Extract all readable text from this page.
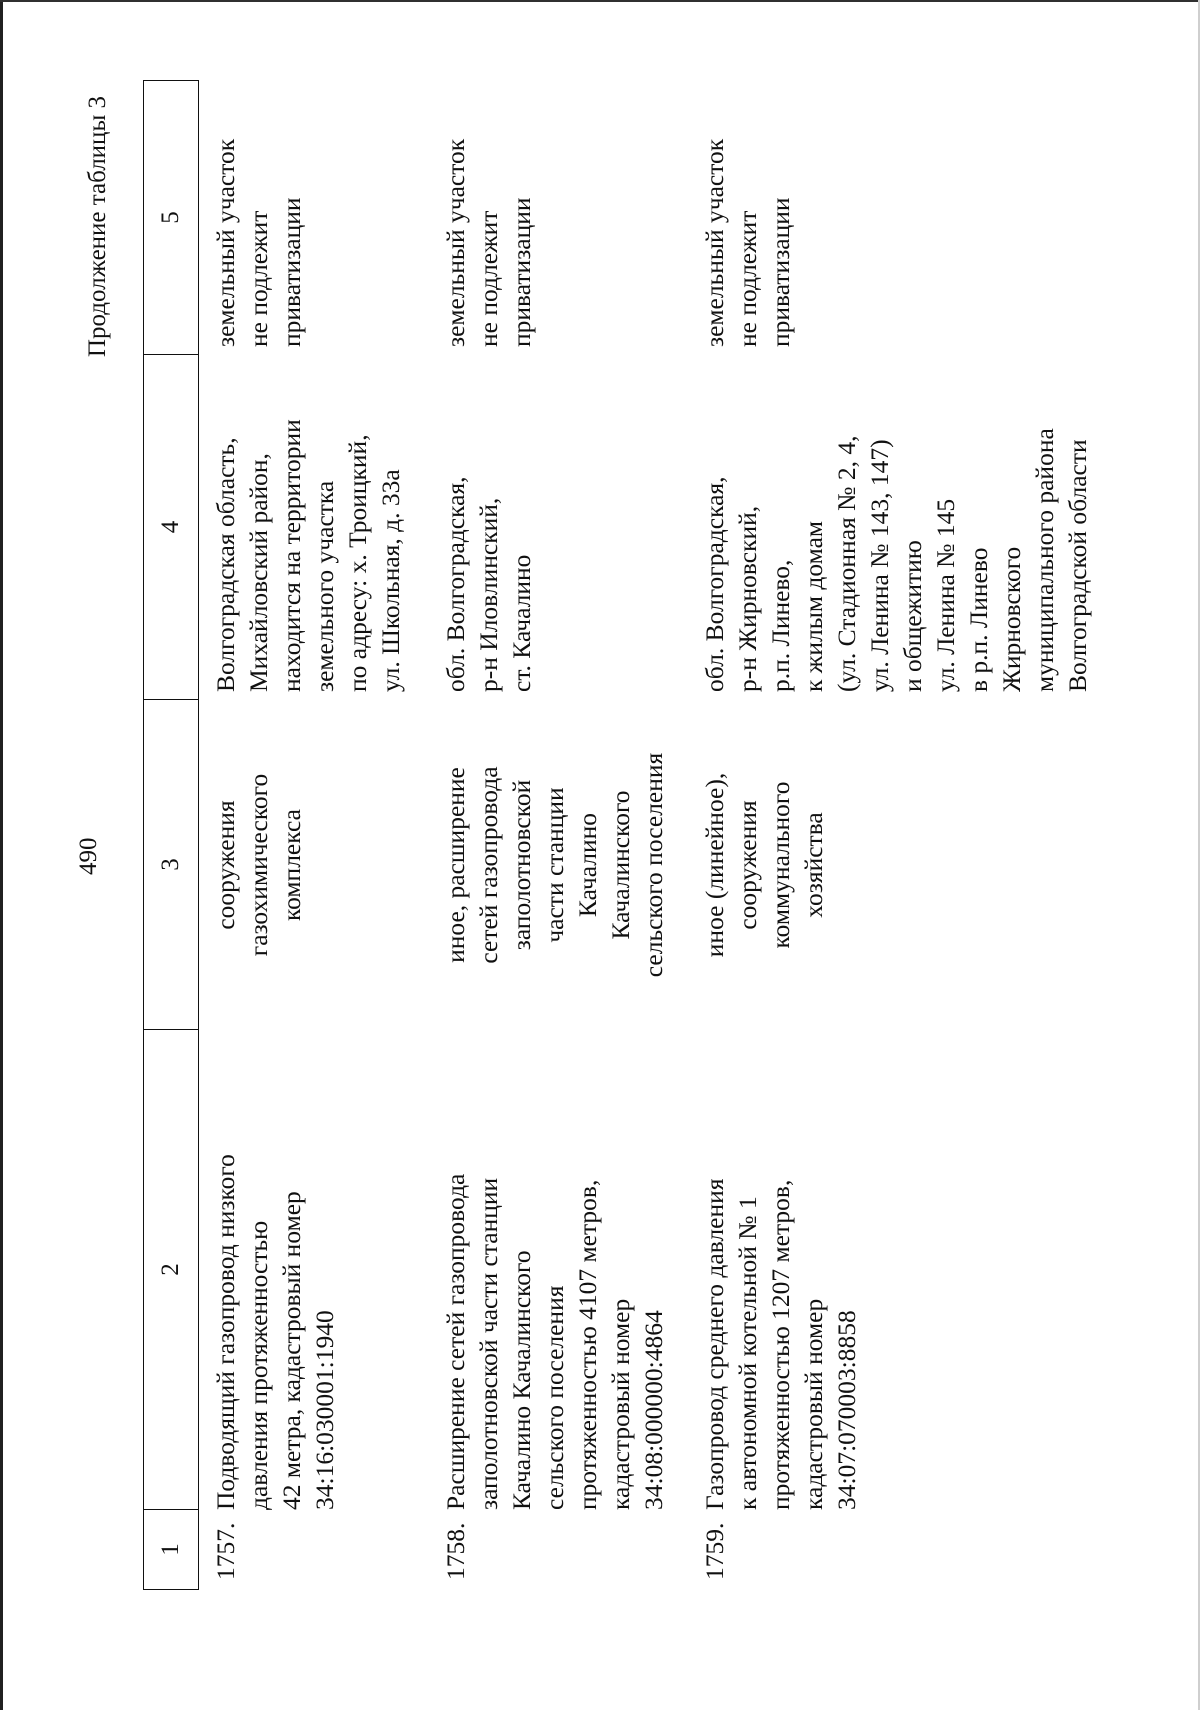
490
Продолжение таблицы 3
1
2
3
4
5
1757.
Подводящий газопровод низкого
давления протяженностью
42 метра, кадастровый номер
34:16:030001:1940
сооружения
газохимического
комплекса
Волгоградская область,
Михайловский район,
находится на территории
земельного участка
по адресу: х. Троицкий,
ул. Школьная, д. 33а
земельный участок
не подлежит приватизации
1758.
Расширение сетей газопровода
заполотновской части станции
Качалино Качалинского
сельского поселения
протяженностью 4107 метров,
кадастровый номер
34:08:000000:4864
иное, расширение
сетей газопровода
заполотновской
части станции
Качалино
Качалинского
сельского поселения
обл. Волгоградская,
р-н Иловлинский,
ст. Качалино
земельный участок
не подлежит приватизации
1759.
Газопровод среднего давления
к автономной котельной № 1
протяженностью 1207 метров,
кадастровый номер
34:07:070003:8858
иное (линейное),
сооружения
коммунального
хозяйства
обл. Волгоградская,
р-н Жирновский,
р.п. Линево,
к жилым домам
(ул. Стадионная № 2, 4,
ул. Ленина № 143, 147)
и общежитию
ул. Ленина № 145
в р.п. Линево
Жирновского
муниципального района
Волгоградской области
земельный участок
не подлежит приватизации
